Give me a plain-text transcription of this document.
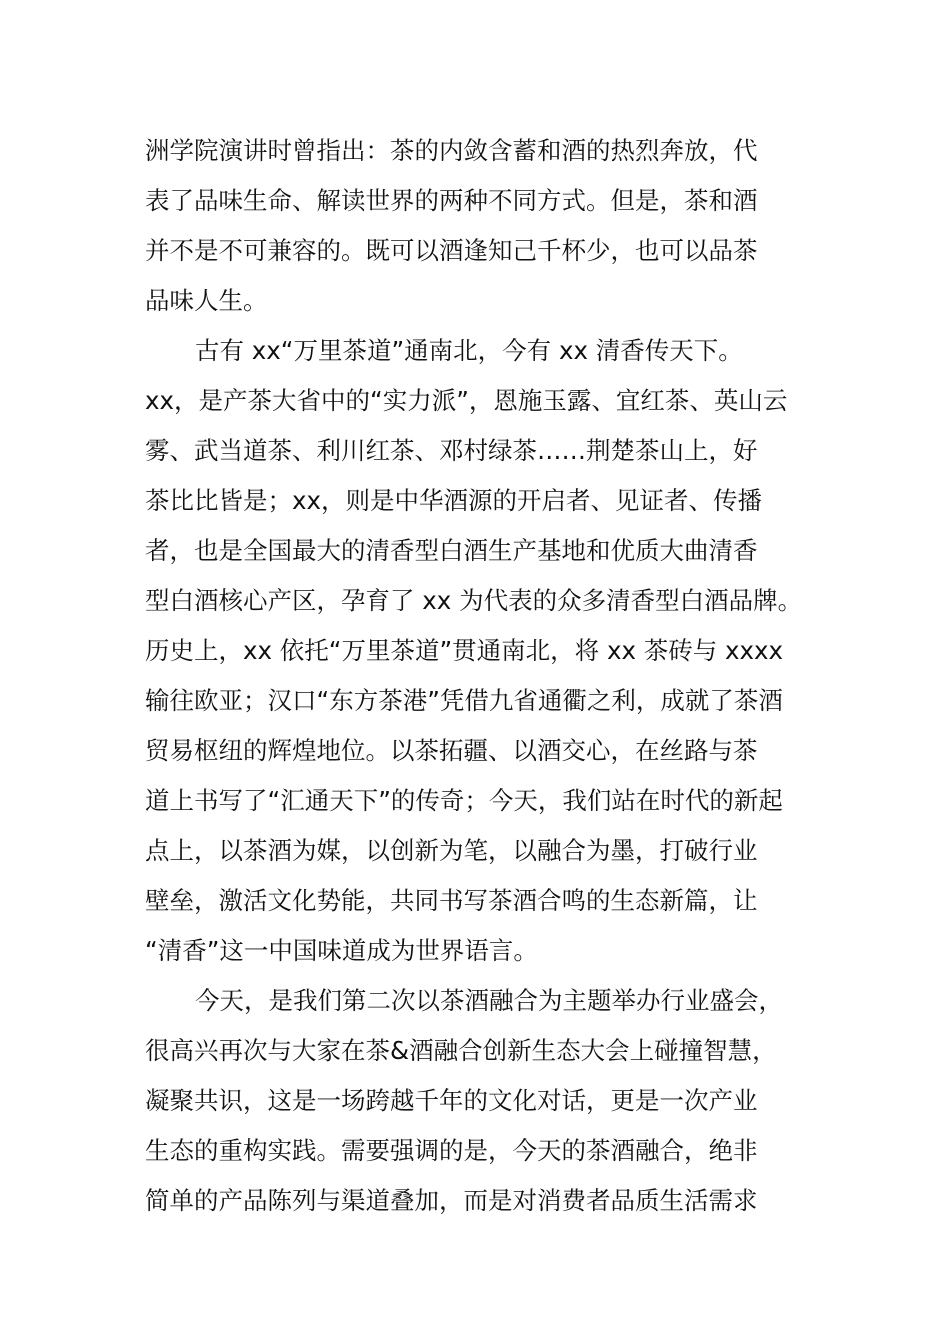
洲学院演讲时曾指出：茶的内敛含蓄和酒的热烈奔放，代
表了品味生命、解读世界的两种不同方式。但是，茶和酒
并不是不可兼容的。既可以酒逢知己千杯少，也可以品茶
品味人生。
古有 xx“万里茶道”通南北，今有 xx 清香传天下。
xx，是产茶大省中的“实力派”，恩施玉露、宜红茶、英山云
雾、武当道茶、利川红茶、邓村绿茶……荆楚茶山上，好
茶比比皆是；xx，则是中华酒源的开启者、见证者、传播
者，也是全国最大的清香型白酒生产基地和优质大曲清香
型白酒核心产区，孕育了 xx 为代表的众多清香型白酒品牌。
历史上，xx 依托“万里茶道”贯通南北，将 xx 茶砖与 xxxx
输往欧亚；汉口“东方茶港”凭借九省通衢之利，成就了茶酒
贸易枢纽的辉煌地位。以茶拓疆、以酒交心，在丝路与茶
道上书写了“汇通天下”的传奇；今天，我们站在时代的新起
点上，以茶酒为媒，以创新为笔，以融合为墨，打破行业
壁垒，激活文化势能，共同书写茶酒合鸣的生态新篇，让
“清香”这一中国味道成为世界语言。
今天，是我们第二次以茶酒融合为主题举办行业盛会，
很高兴再次与大家在茶&酒融合创新生态大会上碰撞智慧，
凝聚共识，这是一场跨越千年的文化对话，更是一次产业
生态的重构实践。需要强调的是，今天的茶酒融合，绝非
简单的产品陈列与渠道叠加，而是对消费者品质生活需求
